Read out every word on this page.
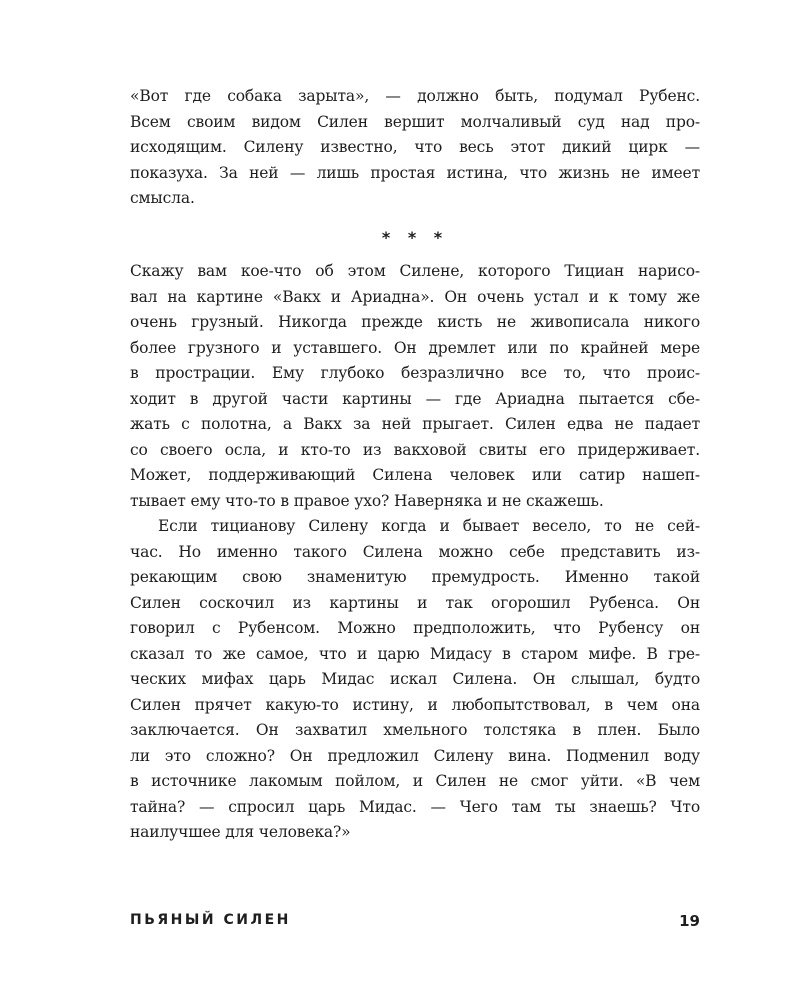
«Вот где собака зарыта», — должно быть, подумал Рубенс.
Всем своим видом Силен вершит молчаливый суд над про-
исходящим. Силену известно, что весь этот дикий цирк —
показуха. За ней — лишь простая истина, что жизнь не имеет
смысла.
* * *
Скажу вам кое-что об этом Силене, которого Тициан нарисо-
вал на картине «Вакх и Ариадна». Он очень устал и к тому же
очень грузный. Никогда прежде кисть не живописала никого
более грузного и уставшего. Он дремлет или по крайней мере
в прострации. Ему глубоко безразлично все то, что проис-
ходит в другой части картины — где Ариадна пытается сбе-
жать с полотна, а Вакх за ней прыгает. Силен едва не падает
со своего осла, и кто-то из вакховой свиты его придерживает.
Может, поддерживающий Силена человек или сатир нашеп-
тывает ему что-то в правое ухо? Наверняка и не скажешь.
Если тицианову Силену когда и бывает весело, то не сей-
час. Но именно такого Силена можно себе представить из-
рекающим свою знаменитую премудрость. Именно такой
Силен соскочил из картины и так огорошил Рубенса. Он
говорил с Рубенсом. Можно предположить, что Рубенсу он
сказал то же самое, что и царю Мидасу в старом мифе. В гре-
ческих мифах царь Мидас искал Силена. Он слышал, будто
Силен прячет какую-то истину, и любопытствовал, в чем она
заключается. Он захватил хмельного толстяка в плен. Было
ли это сложно? Он предложил Силену вина. Подменил воду
в источнике лакомым пойлом, и Силен не смог уйти. «В чем
тайна? — спросил царь Мидас. — Чего там ты знаешь? Что
наилучшее для человека?»
ПЬЯНЫЙ СИЛЕН	19
